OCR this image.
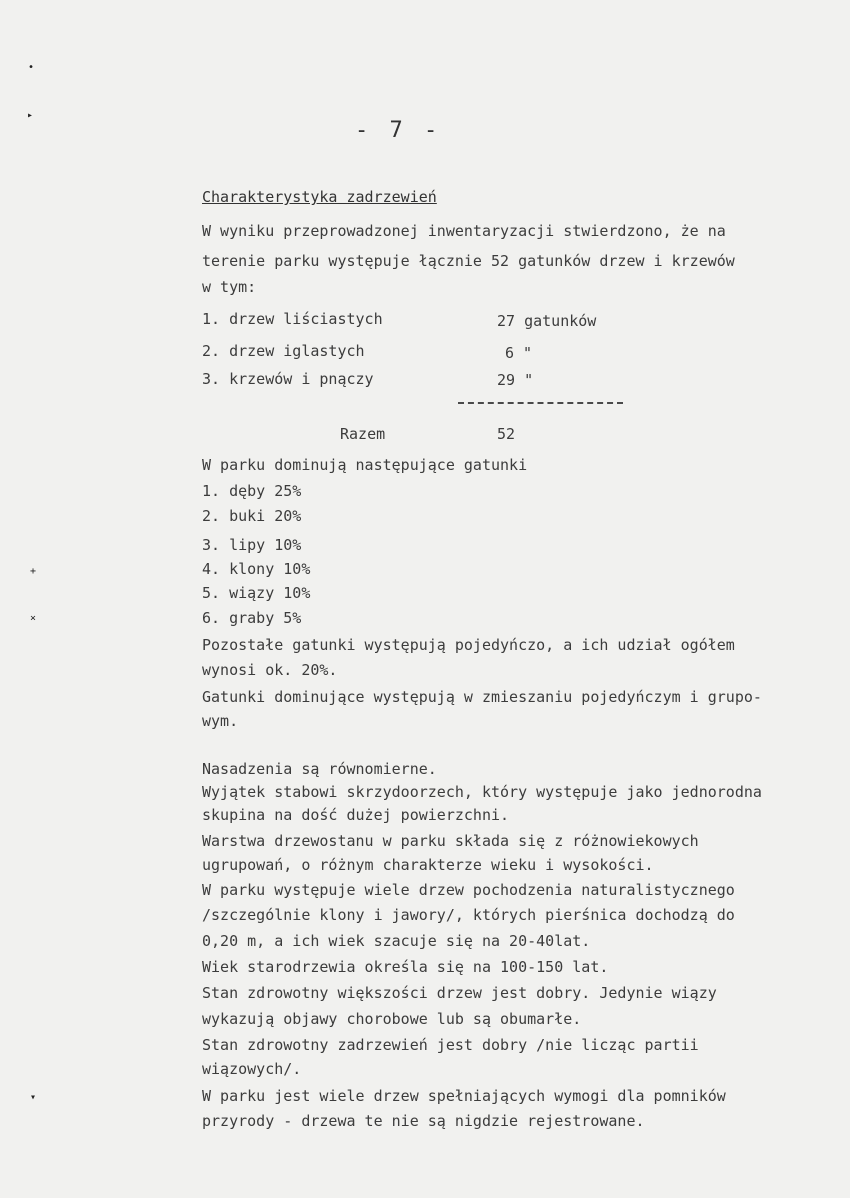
•
▸
+
×
▾
- 7 -
Charakterystyka zadrzewień
W wyniku przeprowadzonej inwentaryzacji stwierdzono, że na
terenie parku występuje łącznie 52 gatunków drzew i krzewów
w tym:
1. drzew liściastych	27 gatunków
2. drzew iglastych	6 "
3. krzewów i pnączy	29 "
Razem	52
W parku dominują następujące gatunki
1. dęby 25%
2. buki 20%
3. lipy 10%
4. klony 10%
5. wiązy 10%
6. graby 5%
Pozostałe gatunki występują pojedyńczo, a ich udział ogółem
wynosi ok. 20%.
Gatunki dominujące występują w zmieszaniu pojedyńczym i grupo-
wym.
Nasadzenia są równomierne.
Wyjątek stabowi skrzydoorzech, który występuje jako jednorodna
skupina na dość dużej powierzchni.
Warstwa drzewostanu w parku składa się z różnowiekowych
ugrupowań, o różnym charakterze wieku i wysokości.
W parku występuje wiele drzew pochodzenia naturalistycznego
/szczególnie klony i jawory/, których pierśnica dochodzą do
0,20 m, a ich wiek szacuje się na 20-40lat.
Wiek starodrzewia określa się na 100-150 lat.
Stan zdrowotny większości drzew jest dobry. Jedynie wiązy
wykazują objawy chorobowe lub są obumarłe.
Stan zdrowotny zadrzewień jest dobry /nie licząc partii
wiązowych/.
W parku jest wiele drzew spełniających wymogi dla pomników
przyrody - drzewa te nie są nigdzie rejestrowane.
